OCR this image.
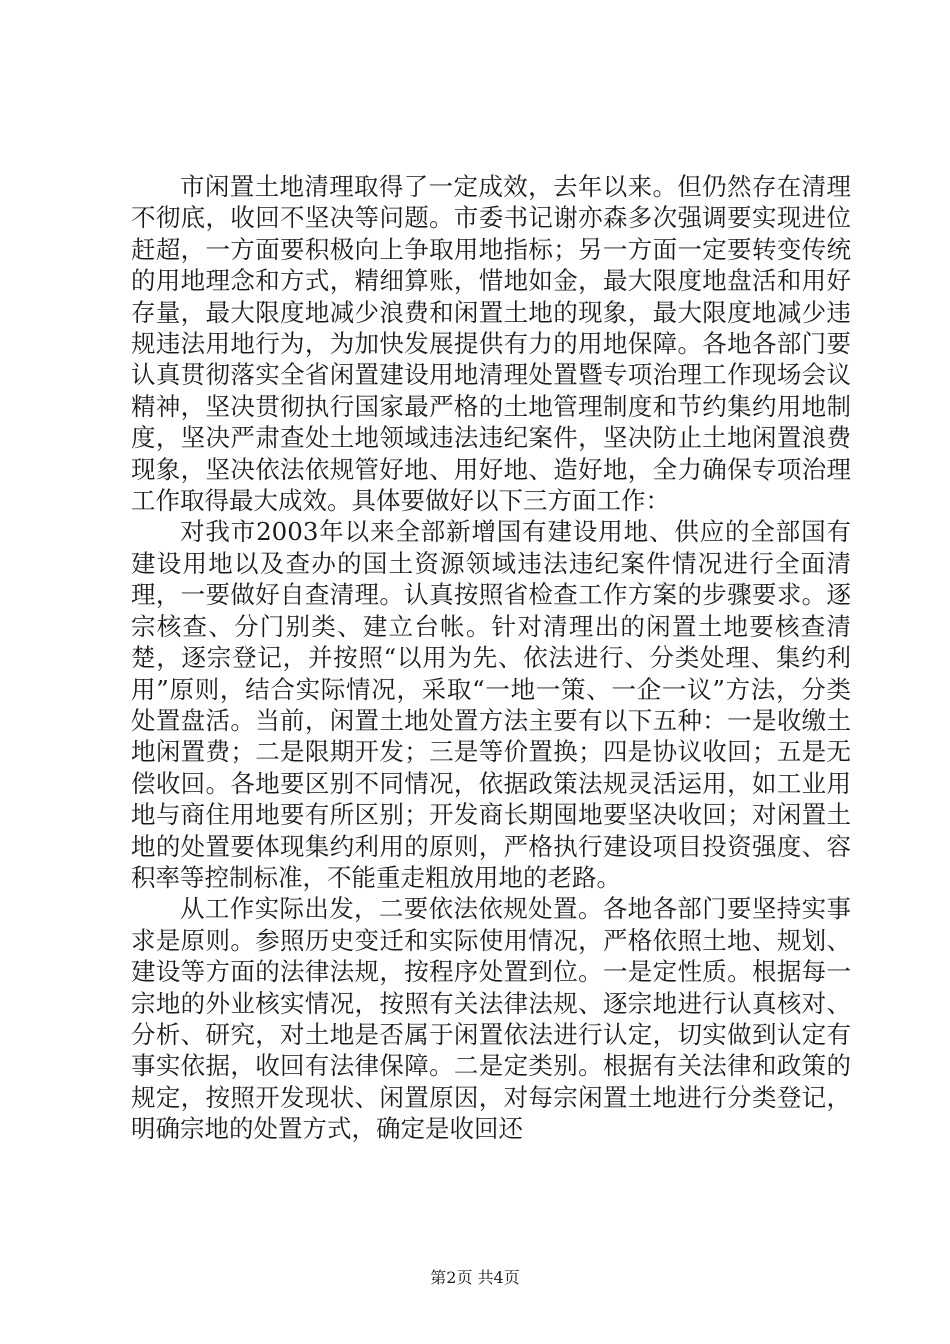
市闲置土地清理取得了一定成效，去年以来。但仍然存在清理不彻底，收回不坚决等问题。市委书记谢亦森多次强调要实现进位赶超，一方面要积极向上争取用地指标；另一方面一定要转变传统的用地理念和方式，精细算账，惜地如金，最大限度地盘活和用好存量，最大限度地减少浪费和闲置土地的现象，最大限度地减少违规违法用地行为，为加快发展提供有力的用地保障。各地各部门要认真贯彻落实全省闲置建设用地清理处置暨专项治理工作现场会议精神，坚决贯彻执行国家最严格的土地管理制度和节约集约用地制度，坚决严肃查处土地领域违法违纪案件，坚决防止土地闲置浪费现象，坚决依法依规管好地、用好地、造好地，全力确保专项治理工作取得最大成效。具体要做好以下三方面工作：

对我市2003年以来全部新增国有建设用地、供应的全部国有建设用地以及查办的国土资源领域违法违纪案件情况进行全面清理，一要做好自查清理。认真按照省检查工作方案的步骤要求。逐宗核查、分门别类、建立台帐。针对清理出的闲置土地要核查清楚，逐宗登记，并按照“以用为先、依法进行、分类处理、集约利用”原则，结合实际情况，采取“一地一策、一企一议”方法，分类处置盘活。当前，闲置土地处置方法主要有以下五种：一是收缴土地闲置费；二是限期开发；三是等价置换；四是协议收回；五是无偿收回。各地要区别不同情况，依据政策法规灵活运用，如工业用地与商住用地要有所区别；开发商长期囤地要坚决收回；对闲置土地的处置要体现集约利用的原则，严格执行建设项目投资强度、容积率等控制标准，不能重走粗放用地的老路。

从工作实际出发，二要依法依规处置。各地各部门要坚持实事求是原则。参照历史变迁和实际使用情况，严格依照土地、规划、建设等方面的法律法规，按程序处置到位。一是定性质。根据每一宗地的外业核实情况，按照有关法律法规、逐宗地进行认真核对、分析、研究，对土地是否属于闲置依法进行认定，切实做到认定有事实依据，收回有法律保障。二是定类别。根据有关法律和政策的规定，按照开发现状、闲置原因，对每宗闲置土地进行分类登记，明确宗地的处置方式，确定是收回还

第2页 共4页
